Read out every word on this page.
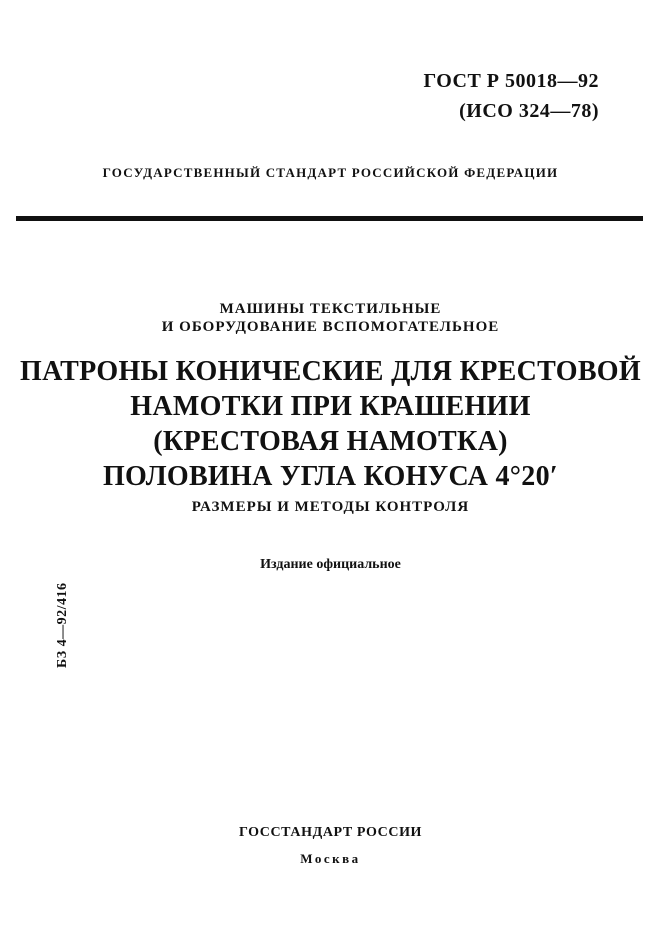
ГОСТ Р 50018—92
(ИСО 324—78)
ГОСУДАРСТВЕННЫЙ СТАНДАРТ РОССИЙСКОЙ ФЕДЕРАЦИИ
МАШИНЫ ТЕКСТИЛЬНЫЕ
И ОБОРУДОВАНИЕ ВСПОМОГАТЕЛЬНОЕ
ПАТРОНЫ КОНИЧЕСКИЕ ДЛЯ КРЕСТОВОЙ
НАМОТКИ ПРИ КРАШЕНИИ
(КРЕСТОВАЯ НАМОТКА)
ПОЛОВИНА УГЛА КОНУСА 4°20′
РАЗМЕРЫ И МЕТОДЫ КОНТРОЛЯ
Издание официальное
БЗ 4—92/416
ГОССТАНДАРТ РОССИИ
Москва
